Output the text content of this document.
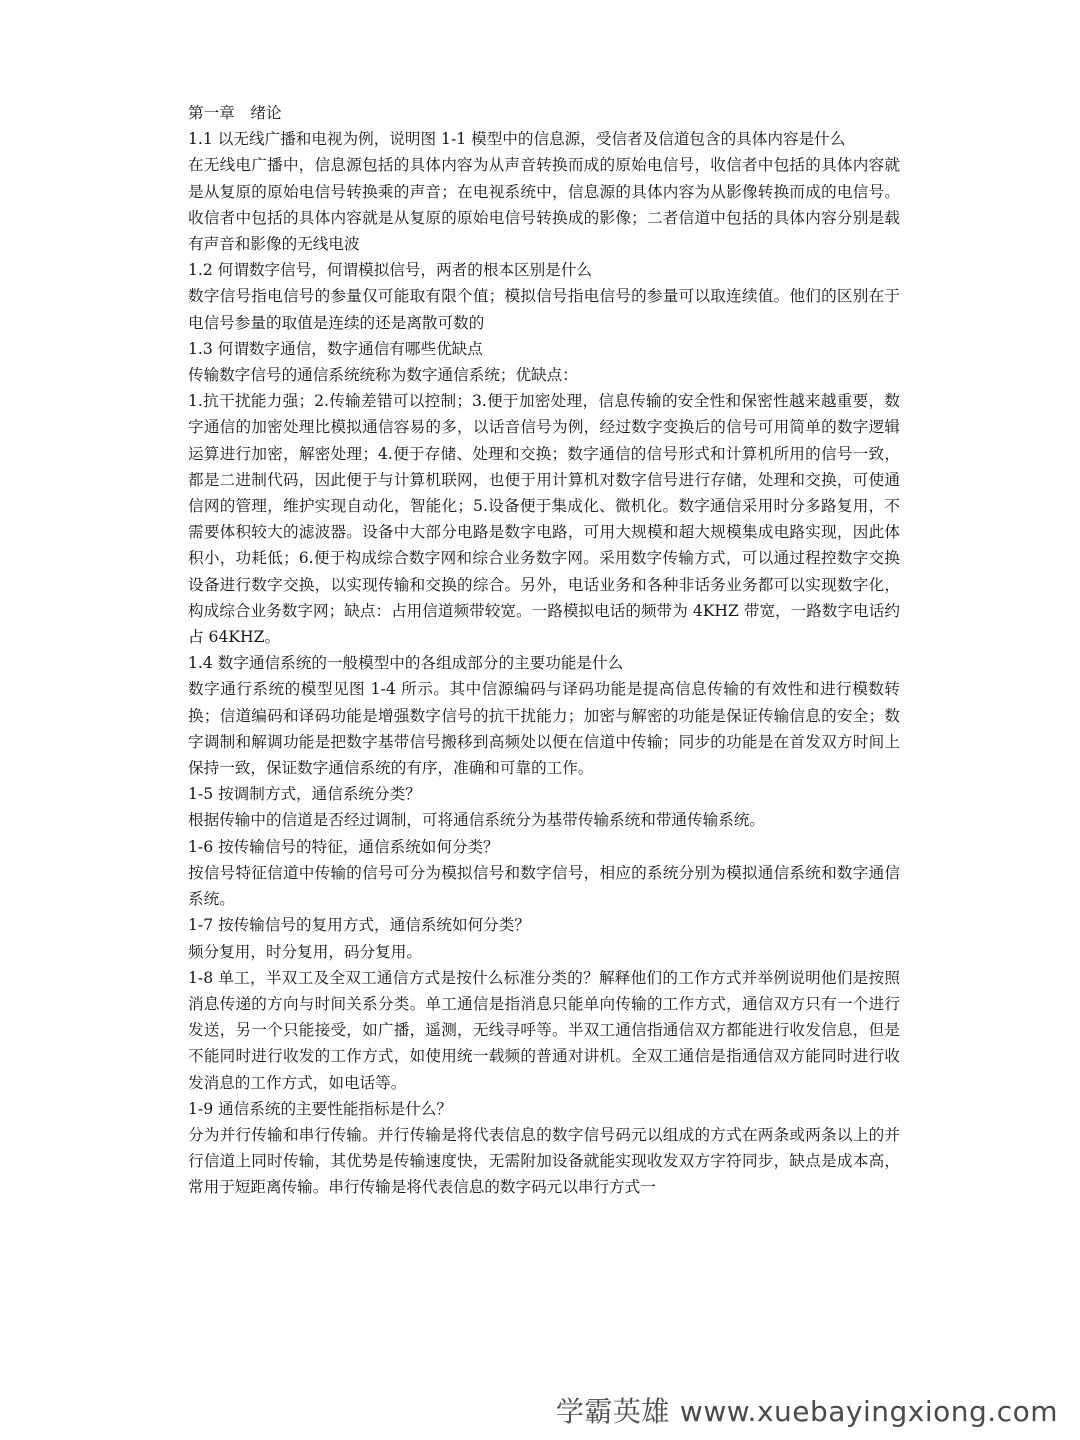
第一章　绪论

1.1 以无线广播和电视为例，说明图 1-1 模型中的信息源，受信者及信道包含的具体内容是什么

在无线电广播中，信息源包括的具体内容为从声音转换而成的原始电信号，收信者中包括的具体内容就是从复原的原始电信号转换乘的声音；在电视系统中，信息源的具体内容为从影像转换而成的电信号。收信者中包括的具体内容就是从复原的原始电信号转换成的影像；二者信道中包括的具体内容分别是载有声音和影像的无线电波

1.2 何谓数字信号，何谓模拟信号，两者的根本区别是什么

数字信号指电信号的参量仅可能取有限个值；模拟信号指电信号的参量可以取连续值。他们的区别在于电信号参量的取值是连续的还是离散可数的

1.3 何谓数字通信，数字通信有哪些优缺点

传输数字信号的通信系统统称为数字通信系统；优缺点：

1.抗干扰能力强；2.传输差错可以控制；3.便于加密处理，信息传输的安全性和保密性越来越重要，数字通信的加密处理比模拟通信容易的多，以话音信号为例，经过数字变换后的信号可用简单的数字逻辑运算进行加密，解密处理；4.便于存储、处理和交换；数字通信的信号形式和计算机所用的信号一致，都是二进制代码，因此便于与计算机联网，也便于用计算机对数字信号进行存储，处理和交换，可使通信网的管理，维护实现自动化，智能化；5.设备便于集成化、微机化。数字通信采用时分多路复用，不需要体积较大的滤波器。设备中大部分电路是数字电路，可用大规模和超大规模集成电路实现，因此体积小，功耗低；6.便于构成综合数字网和综合业务数字网。采用数字传输方式，可以通过程控数字交换设备进行数字交换，以实现传输和交换的综合。另外，电话业务和各种非话务业务都可以实现数字化，构成综合业务数字网；缺点：占用信道频带较宽。一路模拟电话的频带为 4KHZ 带宽，一路数字电话约占 64KHZ。

1.4 数字通信系统的一般模型中的各组成部分的主要功能是什么

数字通行系统的模型见图 1-4 所示。其中信源编码与译码功能是提高信息传输的有效性和进行模数转换；信道编码和译码功能是增强数字信号的抗干扰能力；加密与解密的功能是保证传输信息的安全；数字调制和解调功能是把数字基带信号搬移到高频处以便在信道中传输；同步的功能是在首发双方时间上保持一致，保证数字通信系统的有序，准确和可靠的工作。

1-5 按调制方式，通信系统分类？

根据传输中的信道是否经过调制，可将通信系统分为基带传输系统和带通传输系统。

1-6 按传输信号的特征，通信系统如何分类？

按信号特征信道中传输的信号可分为模拟信号和数字信号，相应的系统分别为模拟通信系统和数字通信系统。

1-7 按传输信号的复用方式，通信系统如何分类？

频分复用，时分复用，码分复用。

1-8 单工，半双工及全双工通信方式是按什么标准分类的？解释他们的工作方式并举例说明他们是按照消息传递的方向与时间关系分类。单工通信是指消息只能单向传输的工作方式，通信双方只有一个进行发送，另一个只能接受，如广播，遥测，无线寻呼等。半双工通信指通信双方都能进行收发信息，但是不能同时进行收发的工作方式，如使用统一载频的普通对讲机。全双工通信是指通信双方能同时进行收发消息的工作方式，如电话等。

1-9 通信系统的主要性能指标是什么？

分为并行传输和串行传输。并行传输是将代表信息的数字信号码元以组成的方式在两条或两条以上的并行信道上同时传输，其优势是传输速度快，无需附加设备就能实现收发双方字符同步，缺点是成本高，常用于短距离传输。串行传输是将代表信息的数字码元以串行方式一

学霸英雄 www.xuebayingxiong.com
